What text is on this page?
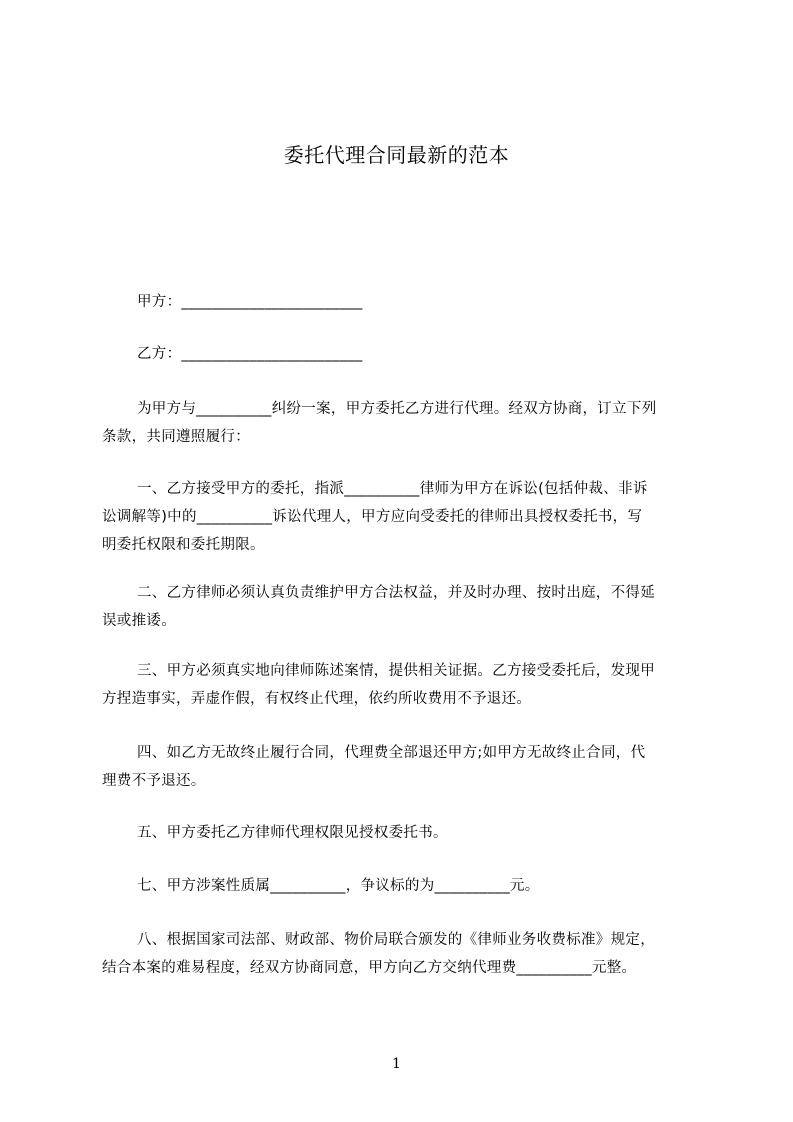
委托代理合同最新的范本
甲方：________________________
乙方：________________________
为甲方与__________纠纷一案，甲方委托乙方进行代理。经双方协商，订立下列
条款，共同遵照履行：
一、乙方接受甲方的委托，指派__________律师为甲方在诉讼(包括仲裁、非诉
讼调解等)中的__________诉讼代理人，甲方应向受委托的律师出具授权委托书，写
明委托权限和委托期限。
二、乙方律师必须认真负责维护甲方合法权益，并及时办理、按时出庭，不得延
误或推诿。
三、甲方必须真实地向律师陈述案情，提供相关证据。乙方接受委托后，发现甲
方捏造事实，弄虚作假，有权终止代理，依约所收费用不予退还。
四、如乙方无故终止履行合同，代理费全部退还甲方;如甲方无故终止合同，代
理费不予退还。
五、甲方委托乙方律师代理权限见授权委托书。
七、甲方涉案性质属__________，争议标的为__________元。
八、根据国家司法部、财政部、物价局联合颁发的《律师业务收费标准》规定，
结合本案的难易程度，经双方协商同意，甲方向乙方交纳代理费__________元整。
1
